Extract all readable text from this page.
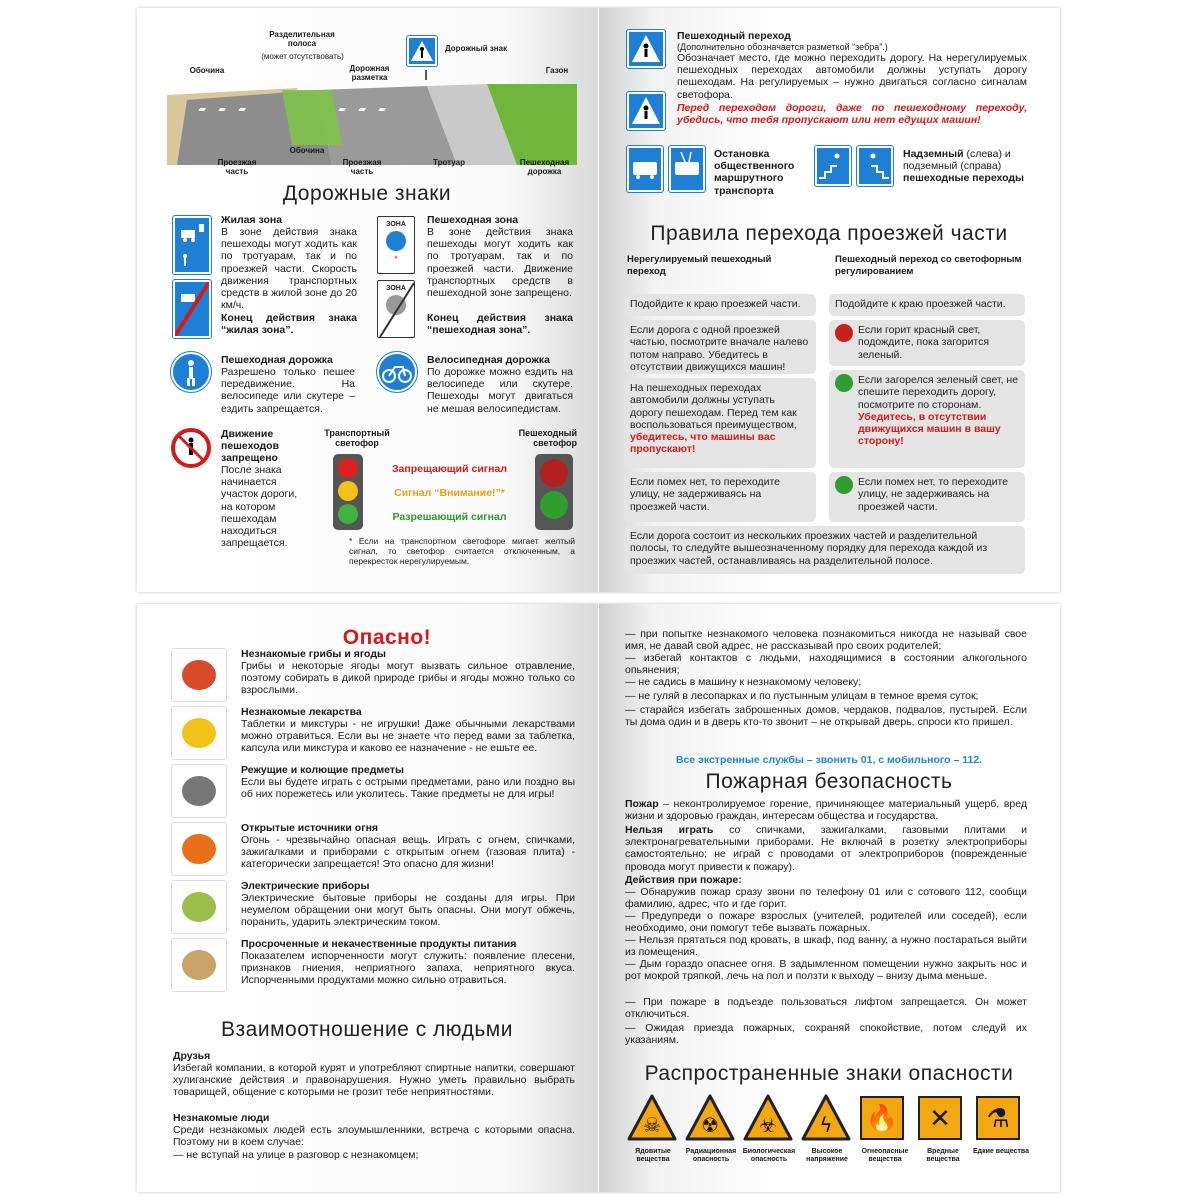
Разделительная полоса
(может отсутствовать)
Дорожный знак
Обочина	Дорожная разметка
Газон
Проезжая часть
Обочина
Проезжая часть
Тротуар	Пешеходная дорожка
Дорожные знаки
Жилая зона
В зоне действия знака пешеходы могут ходить как по тротуарам, так и по проезжей части. Скорость движения транспортных средств в жилой зоне до 20 км/ч.
Конец действия знака “жилая зона”.
ЗОНА
*
ЗОНА
Пешеходная зона
В зоне действия знака пешеходы могут ходить как по тротуарам, так и по проезжей части. Движение транспортных средств в пешеходной зоне запрещено.
Конец действия знака “пешеходная зона”.
Пешеходная дорожка
Разрешено только пешее передвижение. На велосипеде или скутере – ездить запрещается.
Велосипедная дорожка
По дорожке можно ездить на велосипеде или скутере. Пешеходы могут двигаться не мешая велосипедистам.
Движение пешеходов запрещено
После знака начинается участок дороги, на котором пешеходам находиться запрещается.
Транспортный светофор
Пешеходный светофор
Запрещающий сигнал
Сигнал “Внимание!”*
Разрешающий сигнал
* Если на транспортном светофоре мигает желтый сигнал, то светофор считается отключенным, а перекресток нерегулируемым.
Пешеходный переход
(Дополнительно обозначается разметкой “зебра”.)
Обозначает место, где можно переходить дорогу. На нерегулируемых пешеходных переходах автомобили должны уступать дорогу пешеходам. На регулируемых – нужно двигаться согласно сигналам светофора.
Перед переходом дороги, даже по пешеходному переходу, убедись, что тебя пропускают или нет едущих машин!
Остановка общественного маршрутного транспорта
Надземный (слева) и подземный (справа) пешеходные переходы
Правила перехода проезжей части
Нерегулируемый пешеходный переход
Пешеходный переход со светофорным регулированием
Подойдите к краю проезжей части.
Если дорога с одной проезжей частью, посмотрите вначале налево потом направо. Убедитесь в отсутствии движущихся машин!
На пешеходных переходах автомобили должны уступать дорогу пешеходам. Перед тем как воспользоваться преимуществом, убедитесь, что машины вас пропускают!
Если помех нет, то переходите улицу, не задерживаясь на проезжей части.
Подойдите к краю проезжей части.
Если горит красный свет, подождите, пока загорится зеленый.
Если загорелся зеленый свет, не спешите переходить дорогу, посмотрите по сторонам. Убедитесь, в отсутствии движущихся машин в вашу сторону!
Если помех нет, то переходите улицу, не задерживаясь на проезжей части.
Если дорога состоит из нескольких проезжих частей и разделительной полосы, то следуйте вышеозначенному порядку для перехода каждой из проезжих частей, останавливаясь на разделительной полосе.
Опасно!
Незнакомые грибы и ягоды
Грибы и некоторые ягоды могут вызвать сильное отравление, поэтому собирать в дикой природе грибы и ягоды можно только со взрослыми.
Незнакомые лекарства
Таблетки и микстуры - не игрушки! Даже обычными лекарствами можно отравиться. Если вы не знаете что перед вами за таблетка, капсула или микстура и каково ее назначение - не ешьте ее.
Режущие и колющие предметы
Если вы будете играть с острыми предметами, рано или поздно вы об них порежетесь или уколитесь. Такие предметы не для игры!
Открытые источники огня
Огонь - чрезвычайно опасная вещь. Играть с огнем, спичками, зажигалками и приборами с открытым огнем (газовая плита) - категорически запрещается! Это опасно для жизни!
Электрические приборы
Электрические бытовые приборы не созданы для игры. При неумелом обращении они могут быть опасны. Они могут обжечь, поранить, ударить электрическим током.
Просроченные и некачественные продукты питания
Показателем испорченности могут служить: появление плесени, признаков гниения, неприятного запаха, неприятного вкуса. Испорченными продуктами можно сильно отравиться.
Взаимоотношение с людьми
Друзья
Избегай компании, в которой курят и употребляют спиртные напитки, совершают хулиганские действия и правонарушения. Нужно уметь правильно выбрать товарищей, общение с которыми не грозит тебе неприятностями.
Незнакомые люди
Среди незнакомых людей есть злоумышленники, встреча с которыми опасна. Поэтому ни в коем случае:
— не вступай на улице в разговор с незнакомцем;
— при попытке незнакомого человека познакомиться никогда не называй свое имя, не давай свой адрес, не рассказывай про своих родителей;
— избегай контактов с людьми, находящимися в состоянии алкогольного опьянения;
— не садись в машину к незнакомому человеку;
— не гуляй в лесопарках и по пустынным улицам в темное время суток;
— старайся избегать заброшенных домов, чердаков, подвалов, пустырей. Если ты дома один и в дверь кто-то звонит – не открывай дверь, спроси кто пришел.
Все экстренные службы – звонить 01, с мобильного – 112.
Пожарная безопасность
Пожар – неконтролируемое горение, причиняющее материальный ущерб, вред жизни и здоровью граждан, интересам общества и государства.
Нельзя играть со спичками, зажигалками, газовыми плитами и электронагревательными приборами. Не включай в розетку электроприборы самостоятельно; не играй с проводами от электроприборов (поврежденные провода могут привести к пожару).
Действия при пожаре:
— Обнаружив пожар сразу звони по телефону 01 или с сотового 112, сообщи фамилию, адрес, что и где горит.
— Предупреди о пожаре взрослых (учителей, родителей или соседей), если необходимо, они помогут тебе вызвать пожарных.
— Нельзя прятаться под кровать, в шкаф, под ванну, а нужно постараться выйти из помещения.
— Дым гораздо опаснее огня. В задымленном помещении нужно закрыть нос и рот мокрой тряпкой, лечь на пол и ползти к выходу – внизу дыма меньше.
— При пожаре в подъезде пользоваться лифтом запрещается. Он может отключиться.
— Ожидая приезда пожарных, сохраняй спокойствие, потом следуй их указаниям.
Распространенные знаки опасности
☠
Ядовитые вещества
☢
Радиационная опасность
☣
Биологическая опасность
ϟ
Высокое напряжение
🔥
Огнеопасные вещества
✕
Вредные вещества
⚗
Едкие вещества
